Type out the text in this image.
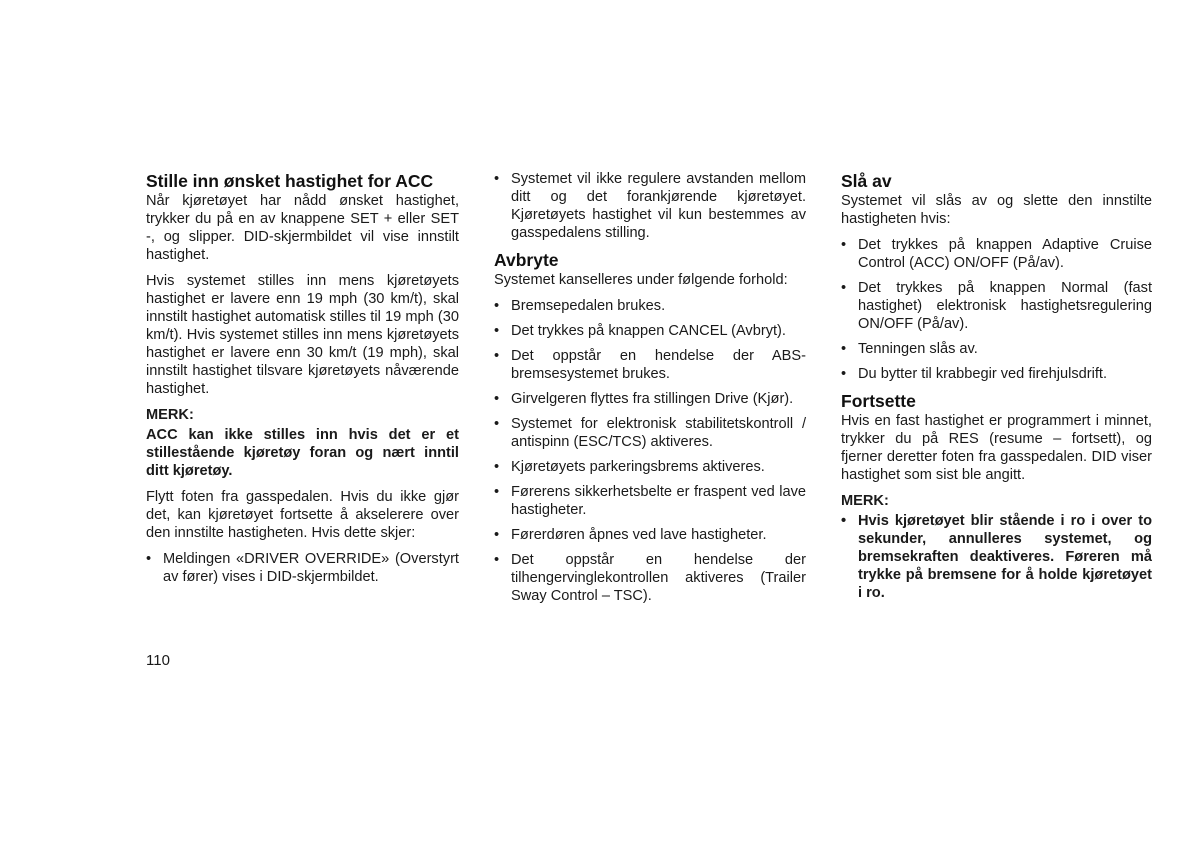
Stille inn ønsket hastighet for ACC

Når kjøretøyet har nådd ønsket hastighet, trykker du på en av knappene SET + eller SET -, og slipper. DID-skjermbildet vil vise innstilt hastighet.

Hvis systemet stilles inn mens kjøretøyets hastighet er lavere enn 19 mph (30 km/t), skal innstilt hastighet automatisk stilles til 19 mph (30 km/t). Hvis systemet stilles inn mens kjøretøyets hastighet er lavere enn 30 km/t (19 mph), skal innstilt hastighet tilsvare kjøretøyets nåværende hastighet.

MERK:

ACC kan ikke stilles inn hvis det er et stillestående kjøretøy foran og nært inntil ditt kjøretøy.

Flytt foten fra gasspedalen. Hvis du ikke gjør det, kan kjøretøyet fortsette å akselerere over den innstilte hastigheten. Hvis dette skjer:

• Meldingen «DRIVER OVERRIDE» (Overstyrt av fører) vises i DID-skjermbildet.
• Systemet vil ikke regulere avstanden mellom ditt og det forankjørende kjøretøyet. Kjøretøyets hastighet vil kun bestemmes av gasspedalens stilling.
Avbryte

Systemet kanselleres under følgende forhold:

• Bremsepedalen brukes.
• Det trykkes på knappen CANCEL (Avbryt).
• Det oppstår en hendelse der ABS-bremsesystemet brukes.
• Girvelgeren flyttes fra stillingen Drive (Kjør).
• Systemet for elektronisk stabilitetskontroll / antispinn (ESC/TCS) aktiveres.
• Kjøretøyets parkeringsbrems aktiveres.
• Førerens sikkerhetsbelte er fraspent ved lave hastigheter.
• Førerdøren åpnes ved lave hastigheter.
• Det oppstår en hendelse der tilhengervinglekontrollen aktiveres (Trailer Sway Control – TSC).
Slå av

Systemet vil slås av og slette den innstilte hastigheten hvis:

• Det trykkes på knappen Adaptive Cruise Control (ACC) ON/OFF (På/av).
• Det trykkes på knappen Normal (fast hastighet) elektronisk hastighetsregulering ON/OFF (På/av).
• Tenningen slås av.
• Du bytter til krabbegir ved firehjulsdrift.
Fortsette

Hvis en fast hastighet er programmert i minnet, trykker du på RES (resume – fortsett), og fjerner deretter foten fra gasspedalen. DID viser hastighet som sist ble angitt.

MERK:

• Hvis kjøretøyet blir stående i ro i over to sekunder, annulleres systemet, og bremsekraften deaktiveres. Føreren må trykke på bremsene for å holde kjøretøyet i ro.
110
